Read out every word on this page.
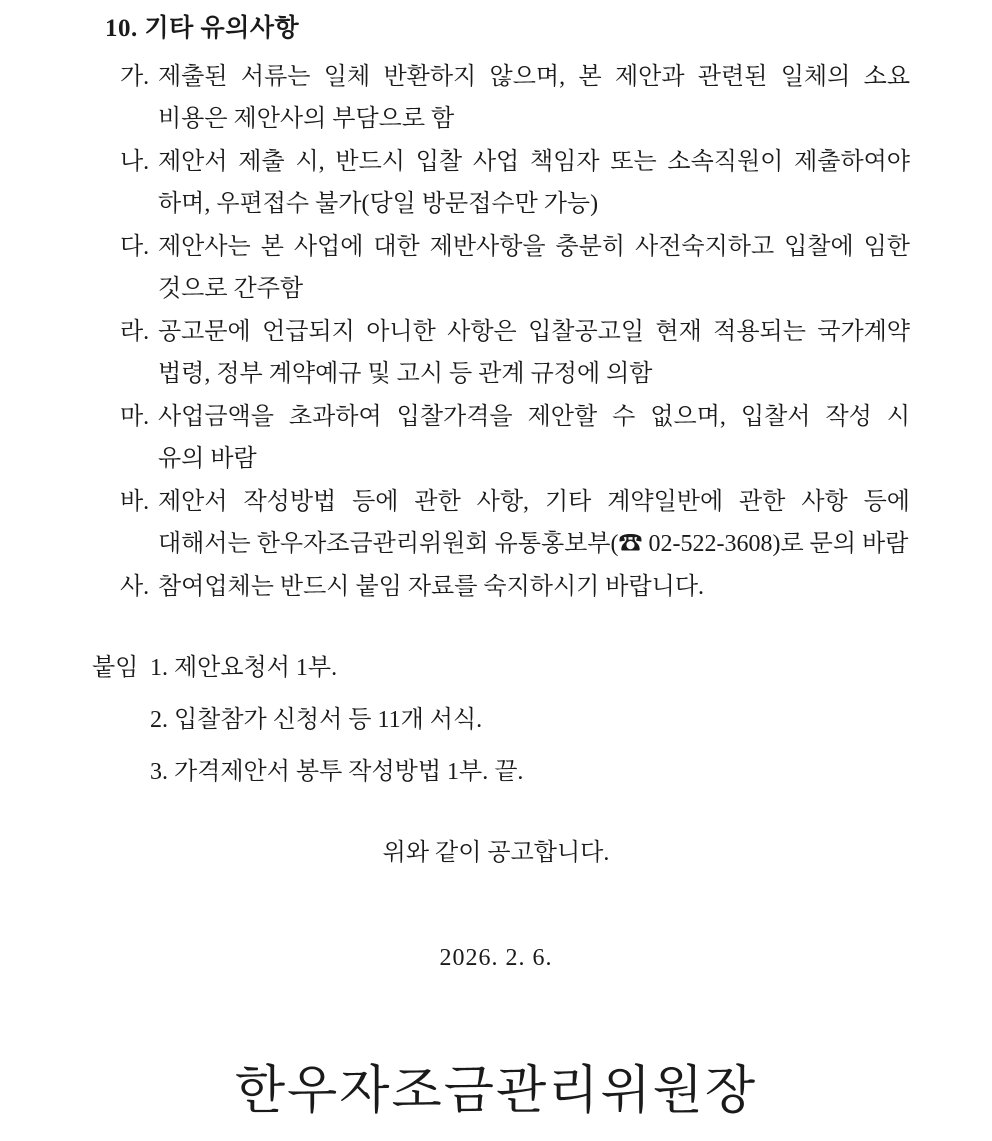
10. 기타 유의사항
가. 제출된 서류는 일체 반환하지 않으며, 본 제안과 관련된 일체의 소요
비용은 제안사의 부담으로 함
나. 제안서 제출 시, 반드시 입찰 사업 책임자 또는 소속직원이 제출하여야
하며, 우편접수 불가(당일 방문접수만 가능)
다. 제안사는 본 사업에 대한 제반사항을 충분히 사전숙지하고 입찰에 임한
것으로 간주함
라. 공고문에 언급되지 아니한 사항은 입찰공고일 현재 적용되는 국가계약
법령, 정부 계약예규 및 고시 등 관계 규정에 의함
마. 사업금액을 초과하여 입찰가격을 제안할 수 없으며, 입찰서 작성 시
유의 바람
바. 제안서 작성방법 등에 관한 사항, 기타 계약일반에 관한 사항 등에
대해서는 한우자조금관리위원회 유통홍보부(☎ 02-522-3608)로 문의 바람
사. 참여업체는 반드시 붙임 자료를 숙지하시기 바랍니다.
붙임 1. 제안요청서 1부.
2. 입찰참가 신청서 등 11개 서식.
3. 가격제안서 봉투 작성방법 1부. 끝.
위와 같이 공고합니다.
2026. 2. 6.
한우자조금관리위원장
